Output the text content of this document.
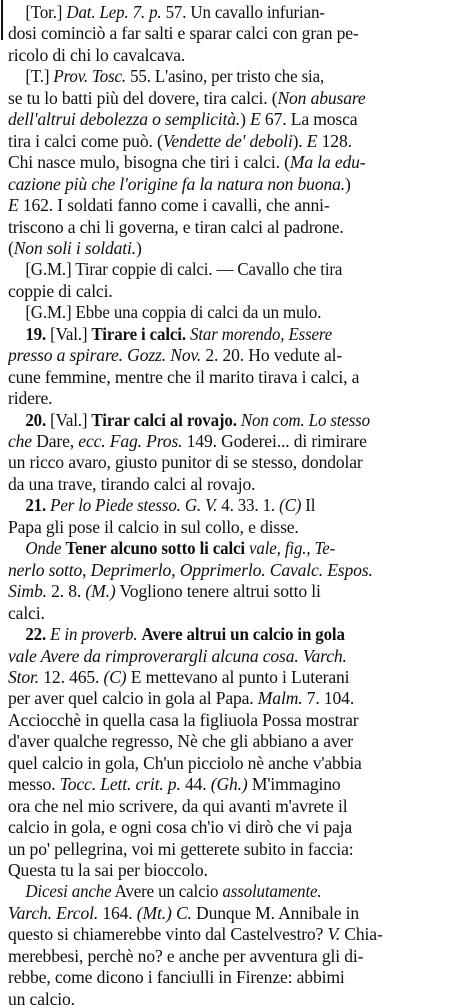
[Tor.] Dat. Lep. 7. p. 57. Un cavallo infurian-
dosi cominciò a far salti e sparar calci con gran pe-
ricolo di chi lo cavalcava.
[T.] Prov. Tosc. 55. L'asino, per tristo che sia,
se tu lo batti più del dovere, tira calci. (Non abusare
dell'altrui debolezza o semplicità.) E 67. La mosca
tira i calci come può. (Vendette de' deboli). E 128.
Chi nasce mulo, bisogna che tiri i calci. (Ma la edu-
cazione più che l'origine fa la natura non buona.)
E 162. I soldati fanno come i cavalli, che anni-
triscono a chi li governa, e tiran calci al padrone.
(Non soli i soldati.)
[G.M.] Tirar coppie di calci. — Cavallo che tira
coppie di calci.
[G.M.] Ebbe una coppia di calci da un mulo.
19. [Val.] Tirare i calci. Star morendo, Essere
presso a spirare. Gozz. Nov. 2. 20. Ho vedute al-
cune femmine, mentre che il marito tirava i calci, a
ridere.
20. [Val.] Tirar calci al rovajo. Non com. Lo stesso
che Dare, ecc. Fag. Pros. 149. Goderei... di rimirare
un ricco avaro, giusto punitor di se stesso, dondolar
da una trave, tirando calci al rovajo.
21. Per lo Piede stesso. G. V. 4. 33. 1. (C) Il
Papa gli pose il calcio in sul collo, e disse.
Onde Tener alcuno sotto li calci vale, fig., Te-
nerlo sotto, Deprimerlo, Opprimerlo. Cavalc. Espos.
Simb. 2. 8. (M.) Vogliono tenere altrui sotto li
calci.
22. E in proverb. Avere altrui un calcio in gola
vale Avere da rimproverargli alcuna cosa. Varch.
Stor. 12. 465. (C) E mettevano al punto i Luterani
per aver quel calcio in gola al Papa. Malm. 7. 104.
Acciocchè in quella casa la figliuola Possa mostrar
d'aver qualche regresso, Nè che gli abbiano a aver
quel calcio in gola, Ch'un picciolo nè anche v'abbia
messo. Tocc. Lett. crit. p. 44. (Gh.) M'immagino
ora che nel mio scrivere, da qui avanti m'avrete il
calcio in gola, e ogni cosa ch'io vi dirò che vi paja
un po' pellegrina, voi mi getterete subito in faccia:
Questa tu la sai per bioccolo.
Dicesi anche Avere un calcio assolutamente.
Varch. Ercol. 164. (Mt.) C. Dunque M. Annibale in
questo si chiamerebbe vinto dal Castelvestro? V. Chia-
merebbesi, perchè no? e anche per avventura gli di-
rebbe, come dicono i fanciulli in Firenze: abbimi
un calcio.
